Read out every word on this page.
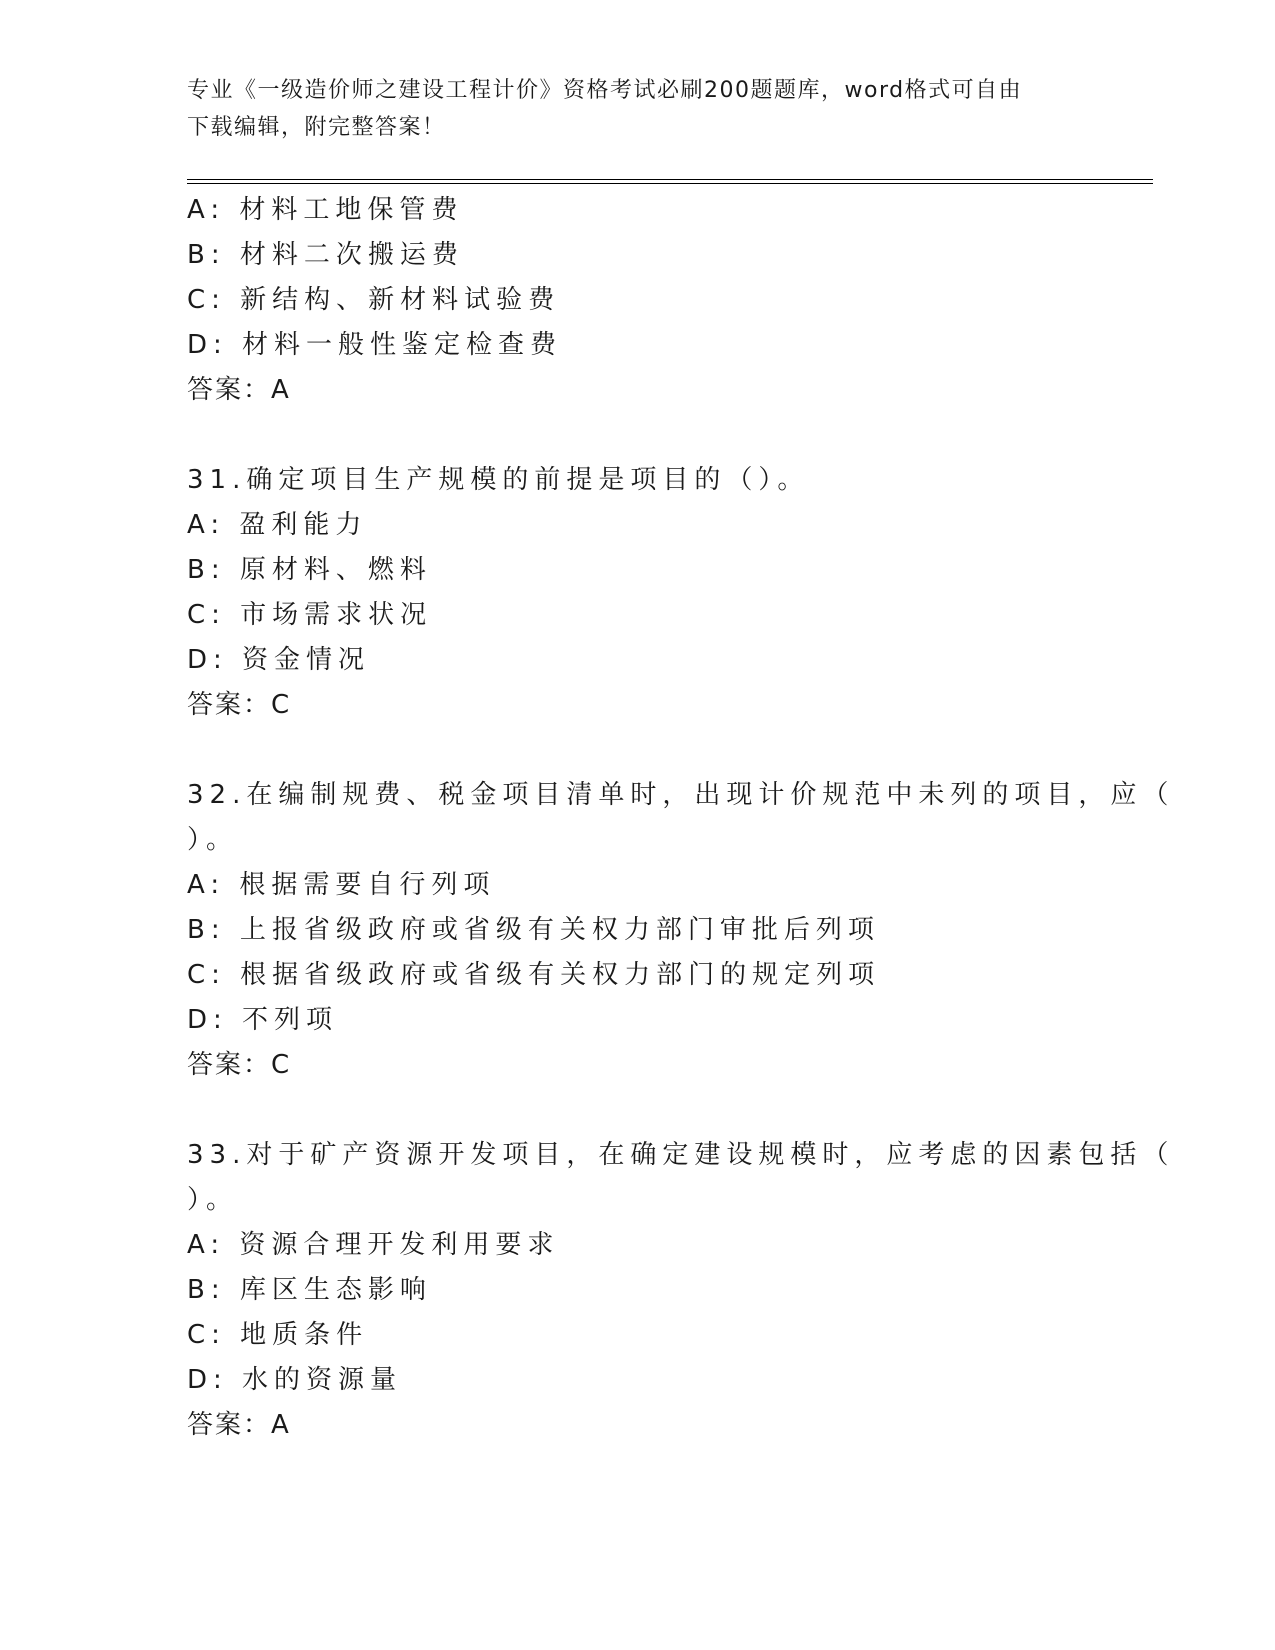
专业《一级造价师之建设工程计价》资格考试必刷200题题库，word格式可自由
下载编辑，附完整答案！
A: 材料工地保管费
B: 材料二次搬运费
C: 新结构、新材料试验费
D: 材料一般性鉴定检查费
答案：A
31.确定项目生产规模的前提是项目的（）。
A: 盈利能力
B: 原材料、燃料
C: 市场需求状况
D: 资金情况
答案：C
32.在编制规费、税金项目清单时，出现计价规范中未列的项目，应（
）。
A: 根据需要自行列项
B: 上报省级政府或省级有关权力部门审批后列项
C: 根据省级政府或省级有关权力部门的规定列项
D: 不列项
答案：C
33.对于矿产资源开发项目，在确定建设规模时，应考虑的因素包括（
）。
A: 资源合理开发利用要求
B: 库区生态影响
C: 地质条件
D: 水的资源量
答案：A
